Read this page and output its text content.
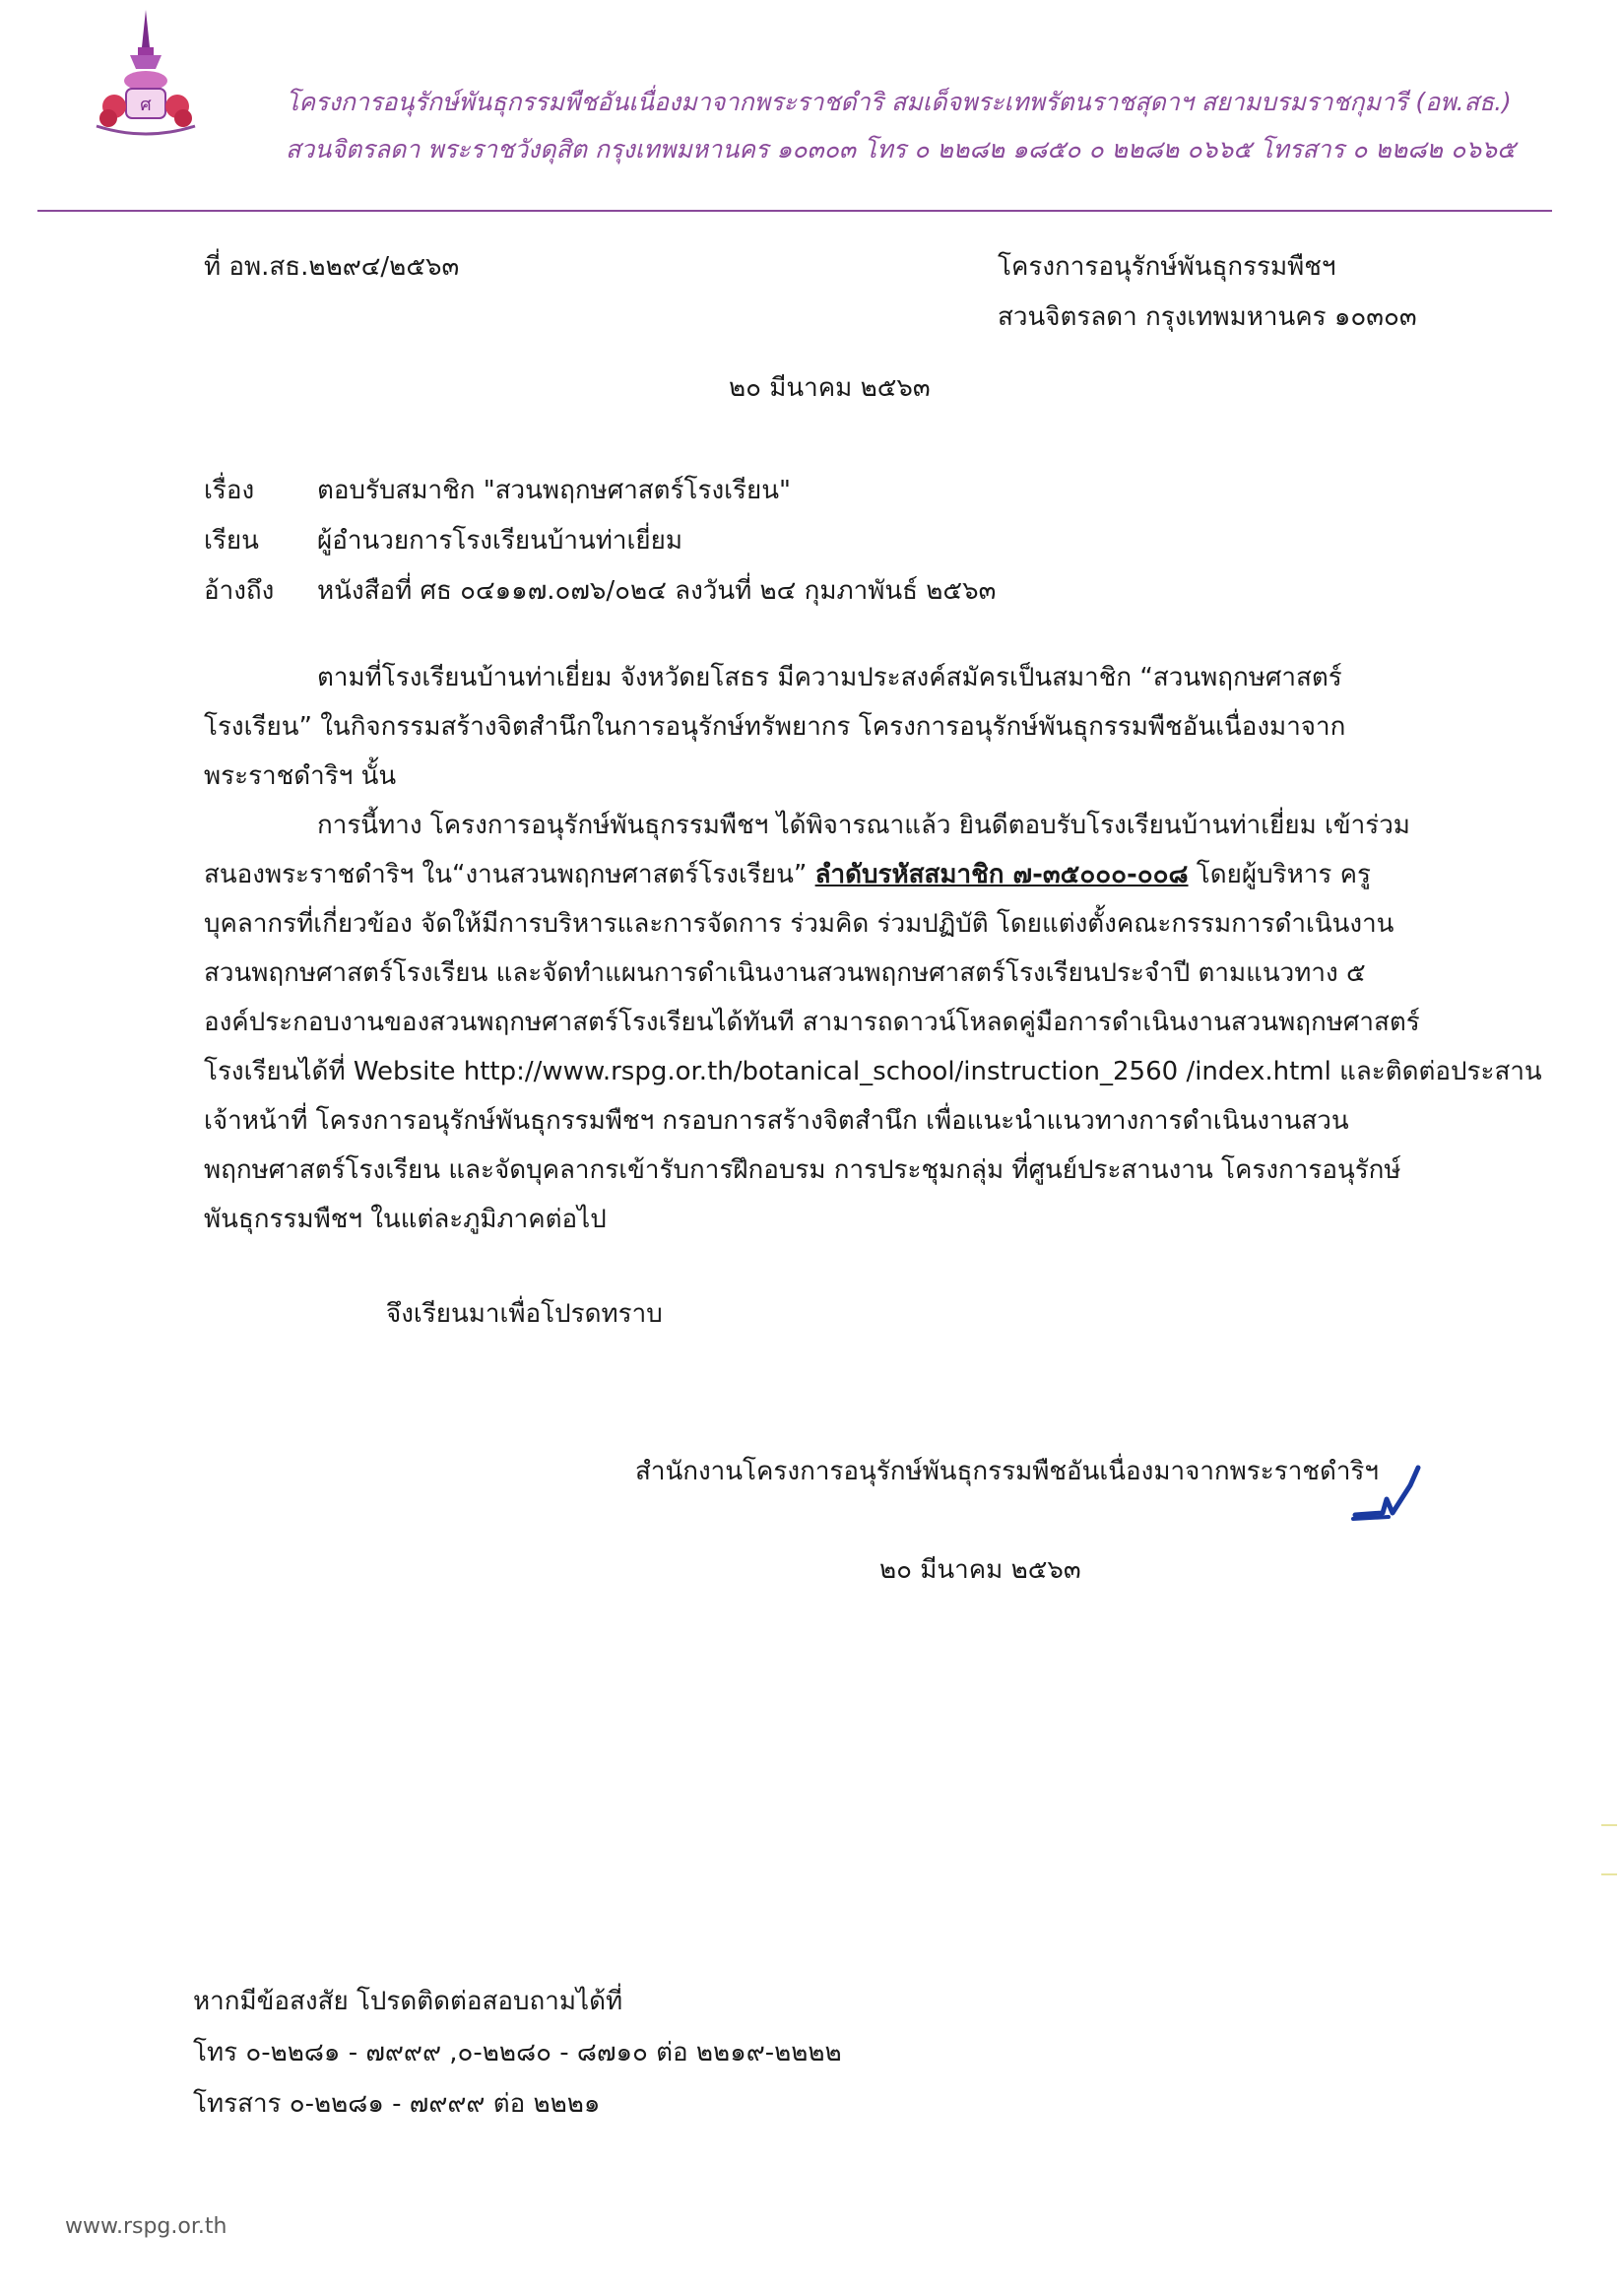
ศ	โครงการอนุรักษ์พันธุกรรมพืชอันเนื่องมาจากพระราชดำริ สมเด็จพระเทพรัตนราชสุดาฯ สยามบรมราชกุมารี (อพ.สธ.)
สวนจิตรลดา พระราชวังดุสิต กรุงเทพมหานคร ๑๐๓๐๓ โทร ๐ ๒๒๘๒ ๑๘๕๐ ๐ ๒๒๘๒ ๐๖๖๕ โทรสาร ๐ ๒๒๘๒ ๐๖๖๕
ที่ อพ.สธ.๒๒๙๔/๒๕๖๓	โครงการอนุรักษ์พันธุกรรมพืชฯ
สวนจิตรลดา กรุงเทพมหานคร ๑๐๓๐๓
๒๐ มีนาคม ๒๕๖๓
เรื่อง ตอบรับสมาชิก "สวนพฤกษศาสตร์โรงเรียน"
เรียน ผู้อำนวยการโรงเรียนบ้านท่าเยี่ยม
อ้างถึง หนังสือที่ ศธ ๐๔๑๑๗.๐๗๖/๐๒๔ ลงวันที่ ๒๔ กุมภาพันธ์ ๒๕๖๓
ตามที่โรงเรียนบ้านท่าเยี่ยม จังหวัดยโสธร มีความประสงค์สมัครเป็นสมาชิก “สวนพฤกษศาสตร์
โรงเรียน” ในกิจกรรมสร้างจิตสำนึกในการอนุรักษ์ทรัพยากร โครงการอนุรักษ์พันธุกรรมพืชอันเนื่องมาจาก
พระราชดำริฯ นั้น
การนี้ทาง โครงการอนุรักษ์พันธุกรรมพืชฯ ได้พิจารณาแล้ว ยินดีตอบรับโรงเรียนบ้านท่าเยี่ยม เข้าร่วม
สนองพระราชดำริฯ ใน“งานสวนพฤกษศาสตร์โรงเรียน” ลำดับรหัสสมาชิก ๗-๓๕๐๐๐-๐๐๘ โดยผู้บริหาร ครู
บุคลากรที่เกี่ยวข้อง จัดให้มีการบริหารและการจัดการ ร่วมคิด ร่วมปฏิบัติ โดยแต่งตั้งคณะกรรมการดำเนินงาน
สวนพฤกษศาสตร์โรงเรียน และจัดทำแผนการดำเนินงานสวนพฤกษศาสตร์โรงเรียนประจำปี ตามแนวทาง ๕
องค์ประกอบงานของสวนพฤกษศาสตร์โรงเรียนได้ทันที สามารถดาวน์โหลดคู่มือการดำเนินงานสวนพฤกษศาสตร์
โรงเรียนได้ที่ Website http://www.rspg.or.th/botanical_school/instruction_2560 /index.html และติดต่อประสาน
เจ้าหน้าที่ โครงการอนุรักษ์พันธุกรรมพืชฯ กรอบการสร้างจิตสำนึก เพื่อแนะนำแนวทางการดำเนินงานสวน
พฤกษศาสตร์โรงเรียน และจัดบุคลากรเข้ารับการฝึกอบรม การประชุมกลุ่ม ที่ศูนย์ประสานงาน โครงการอนุรักษ์
พันธุกรรมพืชฯ ในแต่ละภูมิภาคต่อไป
จึงเรียนมาเพื่อโปรดทราบ
สำนักงานโครงการอนุรักษ์พันธุกรรมพืชอันเนื่องมาจากพระราชดำริฯ
๒๐ มีนาคม ๒๕๖๓
หากมีข้อสงสัย โปรดติดต่อสอบถามได้ที่
โทร ๐-๒๒๘๑ - ๗๙๙๙ ,๐-๒๒๘๐ - ๘๗๑๐ ต่อ ๒๒๑๙-๒๒๒๒
โทรสาร ๐-๒๒๘๑ - ๗๙๙๙ ต่อ ๒๒๒๑
www.rspg.or.th
